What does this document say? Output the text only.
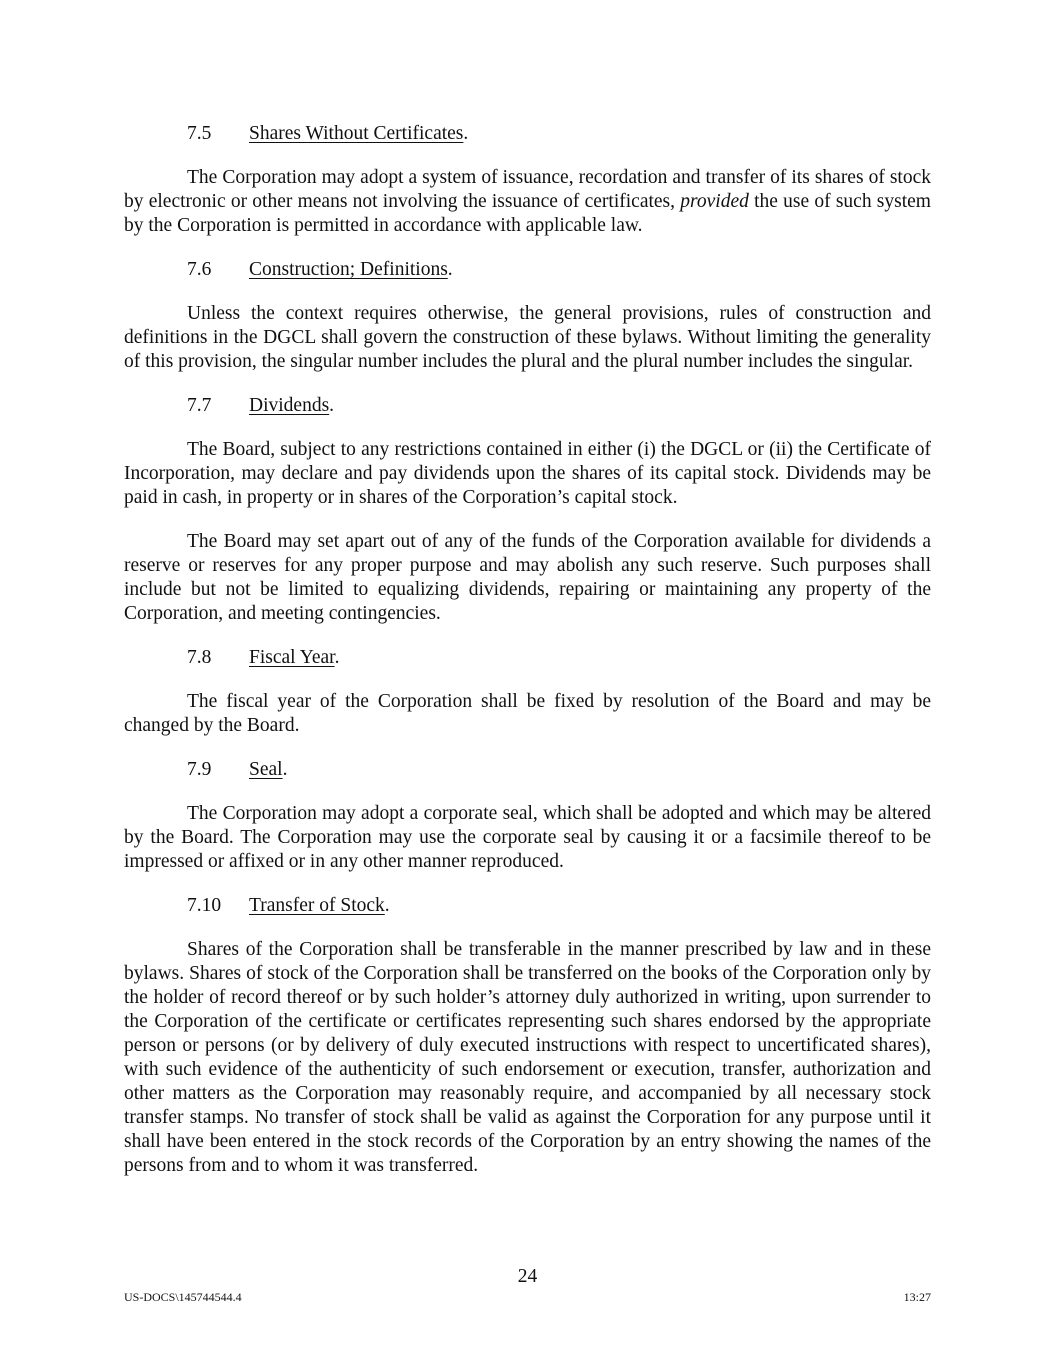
7.5 Shares Without Certificates.

The Corporation may adopt a system of issuance, recordation and transfer of its shares of stock by electronic or other means not involving the issuance of certificates, provided the use of such system by the Corporation is permitted in accordance with applicable law.

7.6 Construction; Definitions.

Unless the context requires otherwise, the general provisions, rules of construction and definitions in the DGCL shall govern the construction of these bylaws. Without limiting the generality of this provision, the singular number includes the plural and the plural number includes the singular.

7.7 Dividends.

The Board, subject to any restrictions contained in either (i) the DGCL or (ii) the Certificate of Incorporation, may declare and pay dividends upon the shares of its capital stock. Dividends may be paid in cash, in property or in shares of the Corporation’s capital stock.

The Board may set apart out of any of the funds of the Corporation available for dividends a reserve or reserves for any proper purpose and may abolish any such reserve. Such purposes shall include but not be limited to equalizing dividends, repairing or maintaining any property of the Corporation, and meeting contingencies.

7.8 Fiscal Year.

The fiscal year of the Corporation shall be fixed by resolution of the Board and may be changed by the Board.

7.9 Seal.

The Corporation may adopt a corporate seal, which shall be adopted and which may be altered by the Board. The Corporation may use the corporate seal by causing it or a facsimile thereof to be impressed or affixed or in any other manner reproduced.

7.10 Transfer of Stock.

Shares of the Corporation shall be transferable in the manner prescribed by law and in these bylaws. Shares of stock of the Corporation shall be transferred on the books of the Corporation only by the holder of record thereof or by such holder’s attorney duly authorized in writing, upon surrender to the Corporation of the certificate or certificates representing such shares endorsed by the appropriate person or persons (or by delivery of duly executed instructions with respect to uncertificated shares), with such evidence of the authenticity of such endorsement or execution, transfer, authorization and other matters as the Corporation may reasonably require, and accompanied by all necessary stock transfer stamps. No transfer of stock shall be valid as against the Corporation for any purpose until it shall have been entered in the stock records of the Corporation by an entry showing the names of the persons from and to whom it was transferred.

24
US-DOCS\145744544.4	13:27
